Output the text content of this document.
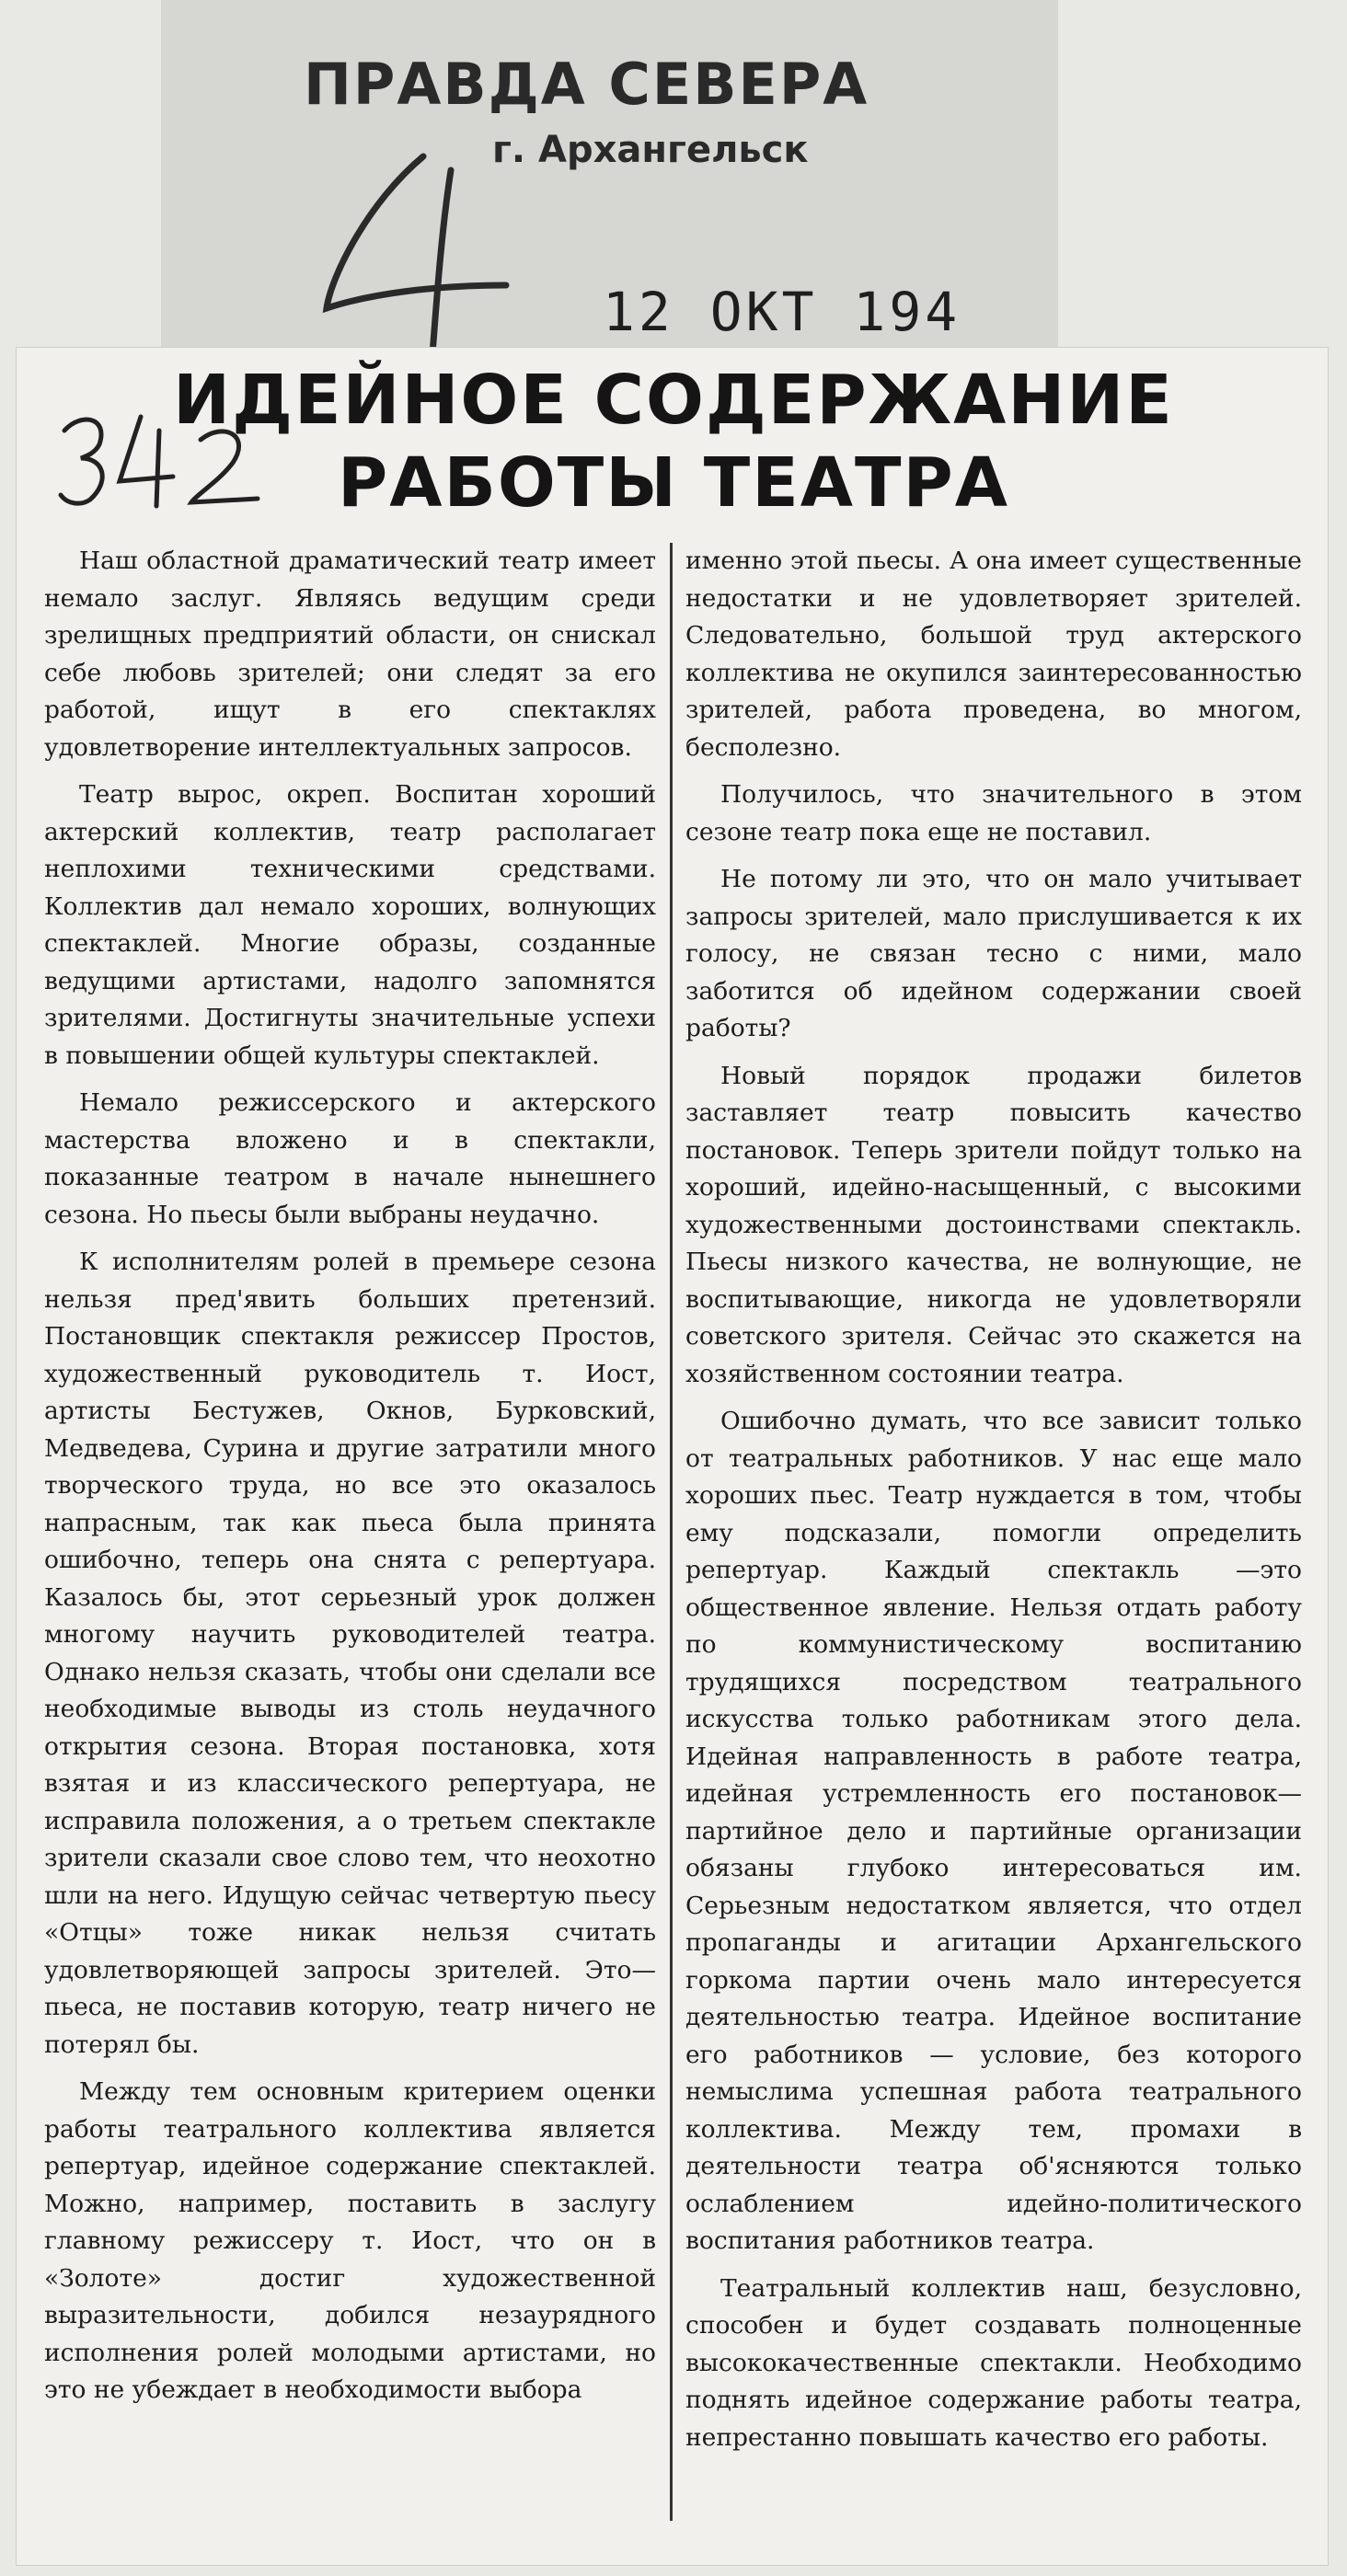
ПРАВДА СЕВЕРА
г. Архангельск
12 ОКТ 194
ИДЕЙНОЕ СОДЕРЖАНИЕ
РАБОТЫ ТЕАТРА

Наш областной драматический театр имеет немало заслуг. Являясь ведущим среди зрелищных предприятий области, он снискал себе любовь зрителей; они следят за его работой, ищут в его спектаклях удовлетворение интеллектуальных запросов.

Театр вырос, окреп. Воспитан хороший актерский коллектив, театр располагает неплохими техническими средствами. Коллектив дал немало хороших, волнующих спектаклей. Многие образы, созданные ведущими артистами, надолго запомнятся зрителями. Достигнуты значительные успехи в повышении общей культуры спектаклей.

Немало режиссерского и актерского мастерства вложено и в спектакли, показанные театром в начале нынешнего сезона. Но пьесы были выбраны неудачно.

К исполнителям ролей в премьере сезона нельзя пред'явить больших претензий. Постановщик спектакля режиссер Простов, художественный руководитель т. Иост, артисты Бестужев, Окнов, Бурковский, Медведева, Сурина и другие затратили много творческого труда, но все это оказалось напрасным, так как пьеса была принята ошибочно, теперь она снята с репертуара. Казалось бы, этот серьезный урок должен многому научить руководителей театра. Однако нельзя сказать, чтобы они сделали все необходимые выводы из столь неудачного открытия сезона. Вторая постановка, хотя взятая и из классического репертуара, не исправила положения, а о третьем спектакле зрители сказали свое слово тем, что неохотно шли на него. Идущую сейчас четвертую пьесу «Отцы» тоже никак нельзя считать удовлетворяющей запросы зрителей. Это—пьеса, не поставив которую, театр ничего не потерял бы.

Между тем основным критерием оценки работы театрального коллектива является репертуар, идейное содержание спектаклей. Можно, например, поставить в заслугу главному режиссеру т. Иост, что он в «Золоте» достиг художественной выразительности, добился незаурядного исполнения ролей молодыми артистами, но это не убеждает в необходимости выбора

именно этой пьесы. А она имеет существенные недостатки и не удовлетворяет зрителей. Следовательно, большой труд актерского коллектива не окупился заинтересованностью зрителей, работа проведена, во многом, бесполезно.

Получилось, что значительного в этом сезоне театр пока еще не поставил.

Не потому ли это, что он мало учитывает запросы зрителей, мало прислушивается к их голосу, не связан тесно с ними, мало заботится об идейном содержании своей работы?

Новый порядок продажи билетов заставляет театр повысить качество постановок. Теперь зрители пойдут только на хороший, идейно-насыщенный, с высокими художественными достоинствами спектакль. Пьесы низкого качества, не волнующие, не воспитывающие, никогда не удовлетворяли советского зрителя. Сейчас это скажется на хозяйственном состоянии театра.

Ошибочно думать, что все зависит только от театральных работников. У нас еще мало хороших пьес. Театр нуждается в том, чтобы ему подсказали, помогли определить репертуар. Каждый спектакль —это общественное явление. Нельзя отдать работу по коммунистическому воспитанию трудящихся посредством театрального искусства только работникам этого дела. Идейная направленность в работе театра, идейная устремленность его постановок—партийное дело и партийные организации обязаны глубоко интересоваться им. Серьезным недостатком является, что отдел пропаганды и агитации Архангельского горкома партии очень мало интересуется деятельностью театра. Идейное воспитание его работников — условие, без которого немыслима успешная работа театрального коллектива. Между тем, промахи в деятельности театра об'ясняются только ослаблением идейно-политического воспитания работников театра.

Театральный коллектив наш, безусловно, способен и будет создавать полноценные высококачественные спектакли. Необходимо поднять идейное содержание работы театра, непрестанно повышать качество его работы.
